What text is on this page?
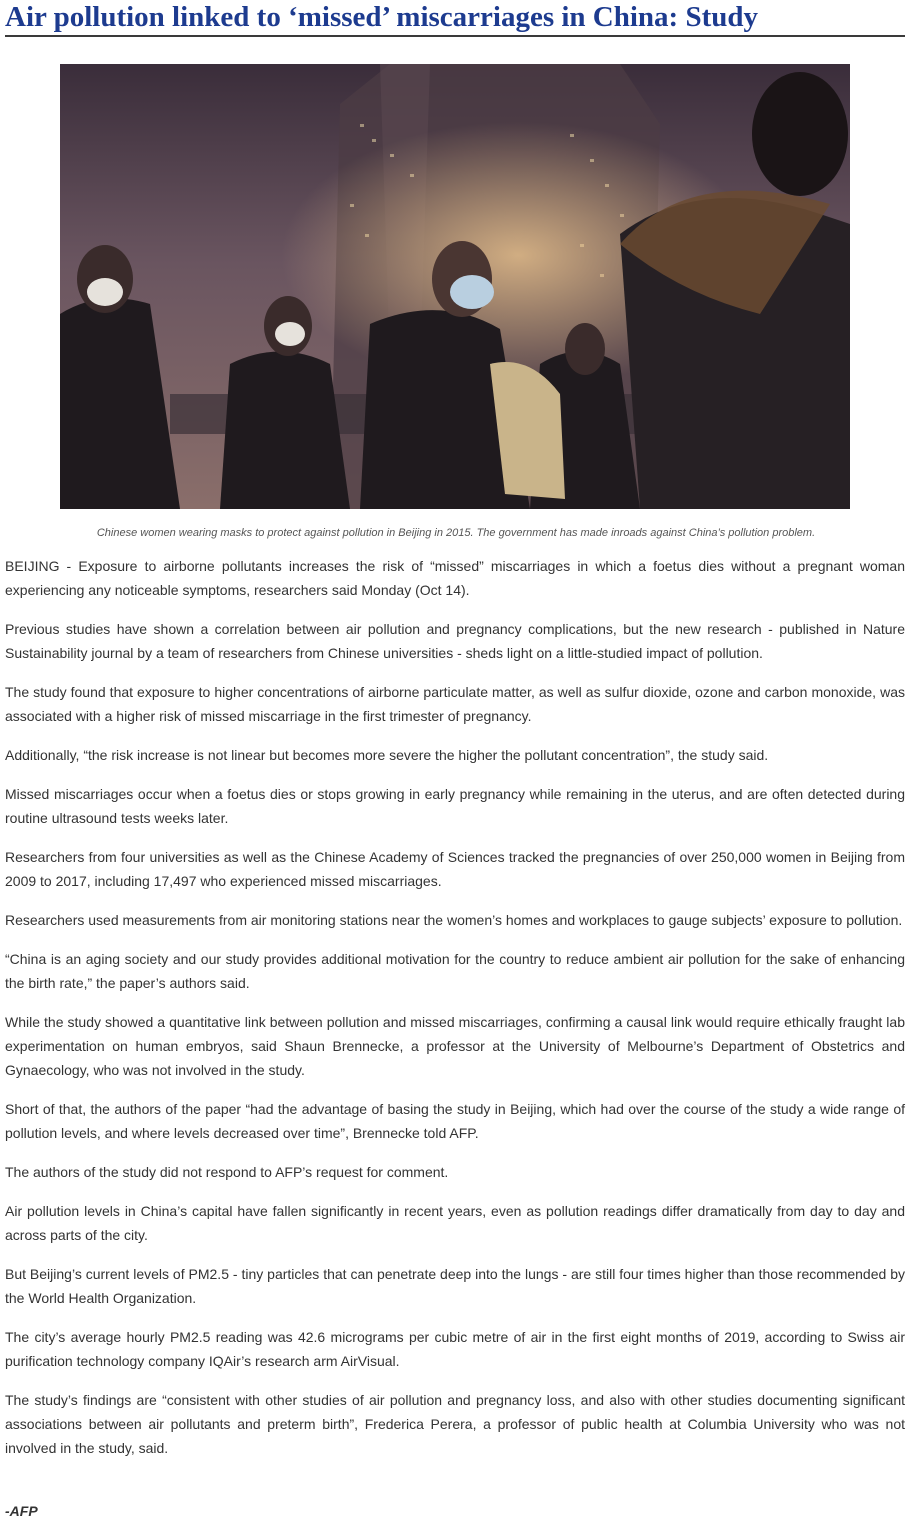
Air pollution linked to ‘missed’ miscarriages in China: Study
Chinese women wearing masks to protect against pollution in Beijing in 2015. The government has made inroads against China’s pollution problem.

BEIJING - Exposure to airborne pollutants increases the risk of “missed” miscarriages in which a foetus dies without a pregnant woman experiencing any noticeable symptoms, researchers said Monday (Oct 14).

Previous studies have shown a correlation between air pollution and pregnancy complications, but the new research - published in Nature Sustainability journal by a team of researchers from Chinese universities - sheds light on a little-studied impact of pollution.

The study found that exposure to higher concentrations of airborne particulate matter, as well as sulfur dioxide, ozone and carbon monoxide, was associated with a higher risk of missed miscarriage in the first trimester of pregnancy.

Additionally, “the risk increase is not linear but becomes more severe the higher the pollutant concentration”, the study said.

Missed miscarriages occur when a foetus dies or stops growing in early pregnancy while remaining in the uterus, and are often detected during routine ultrasound tests weeks later.

Researchers from four universities as well as the Chinese Academy of Sciences tracked the pregnancies of over 250,000 women in Beijing from 2009 to 2017, including 17,497 who experienced missed miscarriages.

Researchers used measurements from air monitoring stations near the women’s homes and workplaces to gauge subjects’ exposure to pollution.

“China is an aging society and our study provides additional motivation for the country to reduce ambient air pollution for the sake of enhancing the birth rate,” the paper’s authors said.

While the study showed a quantitative link between pollution and missed miscarriages, confirming a causal link would require ethically fraught lab experimentation on human embryos, said Shaun Brennecke, a professor at the University of Melbourne’s Department of Obstetrics and Gynaecology, who was not involved in the study.

Short of that, the authors of the paper “had the advantage of basing the study in Beijing, which had over the course of the study a wide range of pollution levels, and where levels decreased over time”, Brennecke told AFP.

The authors of the study did not respond to AFP’s request for comment.

Air pollution levels in China’s capital have fallen significantly in recent years, even as pollution readings differ dramatically from day to day and across parts of the city.

But Beijing’s current levels of PM2.5 - tiny particles that can penetrate deep into the lungs - are still four times higher than those recommended by the World Health Organization.

The city’s average hourly PM2.5 reading was 42.6 micrograms per cubic metre of air in the first eight months of 2019, according to Swiss air purification technology company IQAir’s research arm AirVisual.

The study’s findings are “consistent with other studies of air pollution and pregnancy loss, and also with other studies documenting significant associations between air pollutants and preterm birth”, Frederica Perera, a professor of public health at Columbia University who was not involved in the study, said.

-AFP
